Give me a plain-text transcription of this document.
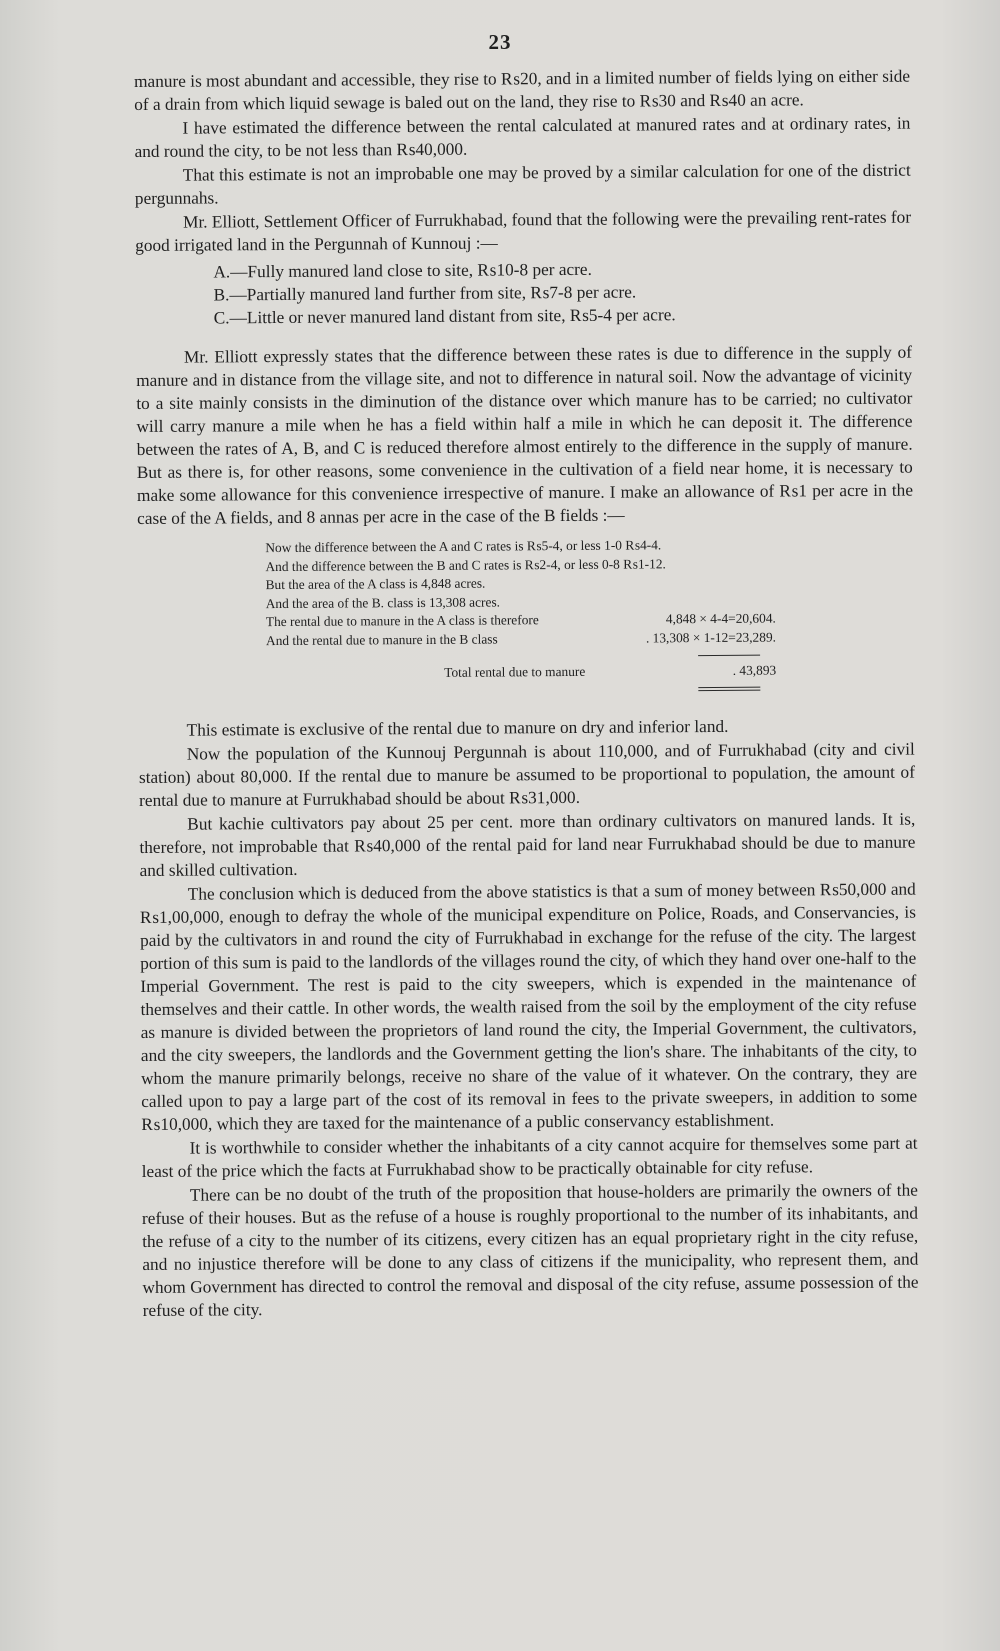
23

manure is most abundant and accessible, they rise to ₨20, and in a limited number of fields lying on either side of a drain from which liquid sewage is baled out on the land, they rise to ₨30 and ₨40 an acre.

I have estimated the difference between the rental calculated at manured rates and at ordinary rates, in and round the city, to be not less than ₨40,000.

That this estimate is not an improbable one may be proved by a similar calculation for one of the district pergunnahs.

Mr. Elliott, Settlement Officer of Furrukhabad, found that the following were the prevailing rent-rates for good irrigated land in the Pergunnah of Kunnouj :—

A.—Fully manured land close to site, ₨10-8 per acre.
B.—Partially manured land further from site, ₨7-8 per acre.
C.—Little or never manured land distant from site, ₨5-4 per acre.

Mr. Elliott expressly states that the difference between these rates is due to difference in the supply of manure and in distance from the village site, and not to difference in natural soil. Now the advantage of vicinity to a site mainly consists in the diminution of the distance over which manure has to be carried; no cultivator will carry manure a mile when he has a field within half a mile in which he can deposit it. The difference between the rates of A, B, and C is reduced therefore almost entirely to the difference in the supply of manure. But as there is, for other reasons, some convenience in the cultivation of a field near home, it is necessary to make some allowance for this convenience irrespective of manure. I make an allowance of ₨1 per acre in the case of the A fields, and 8 annas per acre in the case of the B fields :—

Now the difference between the A and C rates is ₨5-4, or less 1-0 ₨4-4.
And the difference between the B and C rates is ₨2-4, or less 0-8 ₨1-12.
But the area of the A class is 4,848 acres.
And the area of the B. class is 13,308 acres.
The rental due to manure in the A class is therefore	4,848 × 4-4=20,604.
And the rental due to manure in the B class	. 13,308 × 1-12=23,289.
Total rental due to manure	. 43,893

This estimate is exclusive of the rental due to manure on dry and inferior land.

Now the population of the Kunnouj Pergunnah is about 110,000, and of Furrukhabad (city and civil station) about 80,000. If the rental due to manure be assumed to be proportional to population, the amount of rental due to manure at Furrukhabad should be about ₨31,000.

But kachie cultivators pay about 25 per cent. more than ordinary cultivators on manured lands. It is, therefore, not improbable that ₨40,000 of the rental paid for land near Furrukhabad should be due to manure and skilled cultivation.

The conclusion which is deduced from the above statistics is that a sum of money between ₨50,000 and ₨1,00,000, enough to defray the whole of the municipal expenditure on Police, Roads, and Conservancies, is paid by the cultivators in and round the city of Furrukhabad in exchange for the refuse of the city. The largest portion of this sum is paid to the landlords of the villages round the city, of which they hand over one-half to the Imperial Government. The rest is paid to the city sweepers, which is expended in the maintenance of themselves and their cattle. In other words, the wealth raised from the soil by the employment of the city refuse as manure is divided between the proprietors of land round the city, the Imperial Government, the cultivators, and the city sweepers, the landlords and the Government getting the lion's share. The inhabitants of the city, to whom the manure primarily belongs, receive no share of the value of it whatever. On the contrary, they are called upon to pay a large part of the cost of its removal in fees to the private sweepers, in addition to some ₨10,000, which they are taxed for the maintenance of a public conservancy establishment.

It is worthwhile to consider whether the inhabitants of a city cannot acquire for themselves some part at least of the price which the facts at Furrukhabad show to be practically obtainable for city refuse.

There can be no doubt of the truth of the proposition that house-holders are primarily the owners of the refuse of their houses. But as the refuse of a house is roughly proportional to the number of its inhabitants, and the refuse of a city to the number of its citizens, every citizen has an equal proprietary right in the city refuse, and no injustice therefore will be done to any class of citizens if the municipality, who represent them, and whom Government has directed to control the removal and disposal of the city refuse, assume possession of the refuse of the city.
